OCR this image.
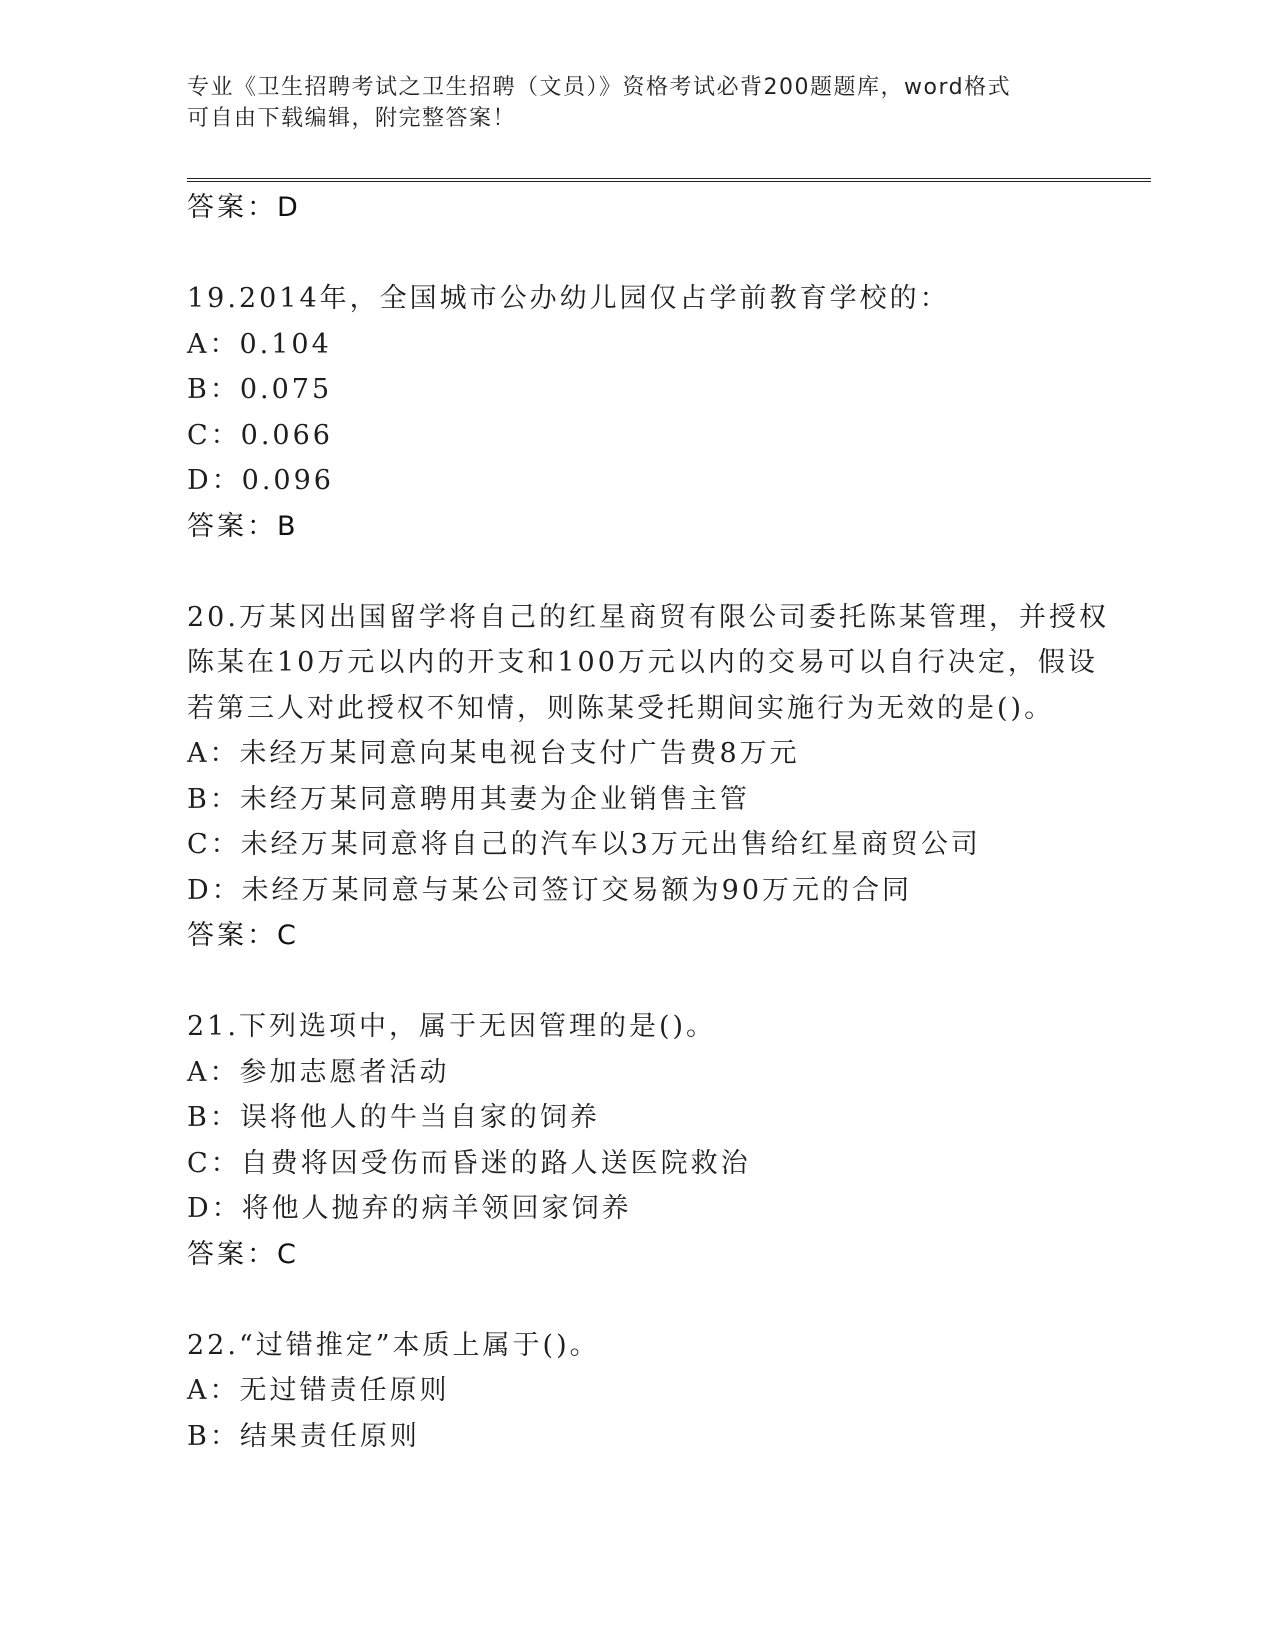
专业《卫生招聘考试之卫生招聘（文员）》资格考试必背200题题库，word格式
可自由下载编辑，附完整答案！
答案：D
19.2014年，全国城市公办幼儿园仅占学前教育学校的：
A：0.104
B：0.075
C：0.066
D：0.096
答案：B
20.万某冈出国留学将自己的红星商贸有限公司委托陈某管理，并授权
陈某在10万元以内的开支和100万元以内的交易可以自行决定，假设
若第三人对此授权不知情，则陈某受托期间实施行为无效的是()。
A：未经万某同意向某电视台支付广告费8万元
B：未经万某同意聘用其妻为企业销售主管
C：未经万某同意将自己的汽车以3万元出售给红星商贸公司
D：未经万某同意与某公司签订交易额为90万元的合同
答案：C
21.下列选项中，属于无因管理的是()。
A：参加志愿者活动
B：误将他人的牛当自家的饲养
C：自费将因受伤而昏迷的路人送医院救治
D：将他人抛弃的病羊领回家饲养
答案：C
22.“过错推定”本质上属于()。
A：无过错责任原则
B：结果责任原则
